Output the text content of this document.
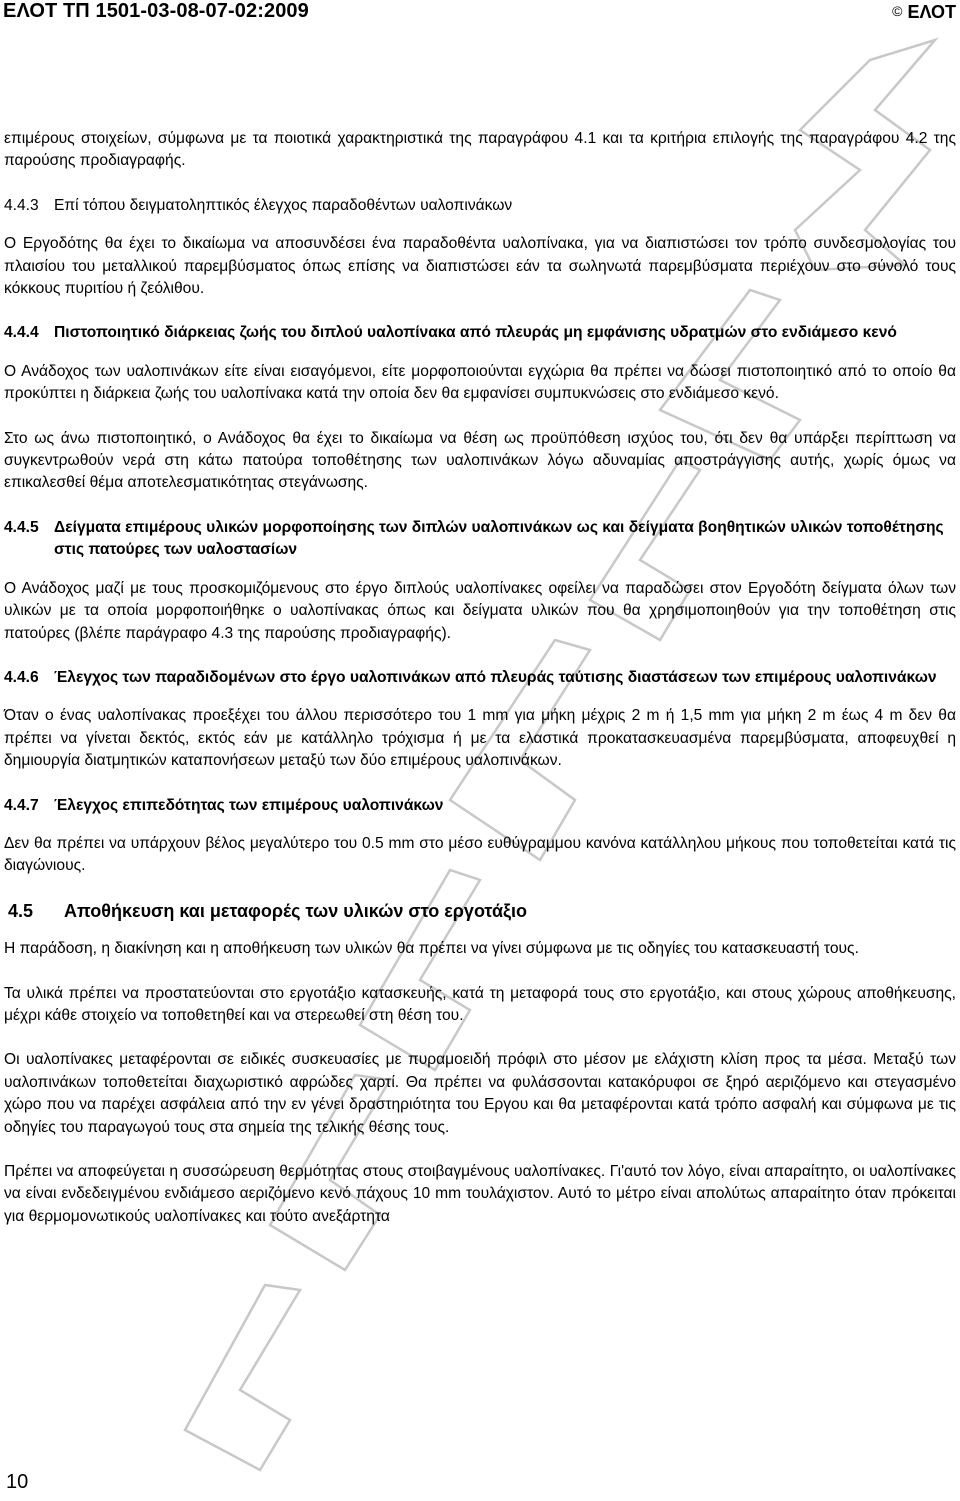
ΕΛΟΤ ΤΠ 1501-03-08-07-02:2009	© ΕΛΟΤ

επιμέρους στοιχείων, σύμφωνα με τα ποιοτικά χαρακτηριστικά της παραγράφου 4.1 και τα κριτήρια επιλογής της παραγράφου 4.2 της παρούσης προδιαγραφής.

4.4.3 Επί τόπου δειγματοληπτικός έλεγχος παραδοθέντων υαλοπινάκων

Ο Εργοδότης θα έχει το δικαίωμα να αποσυνδέσει ένα παραδοθέντα υαλοπίνακα, για να διαπιστώσει τον τρόπο συνδεσμολογίας του πλαισίου του μεταλλικού παρεμβύσματος όπως επίσης να διαπιστώσει εάν τα σωληνωτά παρεμβύσματα περιέχουν στο σύνολό τους κόκκους πυριτίου ή ζεόλιθου.

4.4.4 Πιστοποιητικό διάρκειας ζωής του διπλού υαλοπίνακα από πλευράς μη εμφάνισης υδρατμών στο ενδιάμεσο κενό

Ο Ανάδοχος των υαλοπινάκων είτε είναι εισαγόμενοι, είτε μορφοποιούνται εγχώρια θα πρέπει να δώσει πιστοποιητικό από το οποίο θα προκύπτει η διάρκεια ζωής του υαλοπίνακα κατά την οποία δεν θα εμφανίσει συμπυκνώσεις στο ενδιάμεσο κενό.

Στο ως άνω πιστοποιητικό, ο Ανάδοχος θα έχει το δικαίωμα να θέση ως προϋπόθεση ισχύος του, ότι δεν θα υπάρξει περίπτωση να συγκεντρωθούν νερά στη κάτω πατούρα τοποθέτησης των υαλοπινάκων λόγω αδυναμίας αποστράγγισης αυτής, χωρίς όμως να επικαλεσθεί θέμα αποτελεσματικότητας στεγάνωσης.

4.4.5 Δείγματα επιμέρους υλικών μορφοποίησης των διπλών υαλοπινάκων ως και δείγματα βοηθητικών υλικών τοποθέτησης στις πατούρες των υαλοστασίων

Ο Ανάδοχος μαζί με τους προσκομιζόμενους στο έργο διπλούς υαλοπίνακες οφείλει να παραδώσει στον Εργοδότη δείγματα όλων των υλικών με τα οποία μορφοποιήθηκε ο υαλοπίνακας όπως και δείγματα υλικών που θα χρησιμοποιηθούν για την τοποθέτηση στις πατούρες (βλέπε παράγραφο 4.3 της παρούσης προδιαγραφής).

4.4.6 Έλεγχος των παραδιδομένων στο έργο υαλοπινάκων από πλευράς ταύτισης διαστάσεων των επιμέρους υαλοπινάκων

Όταν ο ένας υαλοπίνακας προεξέχει του άλλου περισσότερο του 1 mm για μήκη μέχρις 2 m ή 1,5 mm για μήκη 2 m έως 4 m δεν θα πρέπει να γίνεται δεκτός, εκτός εάν με κατάλληλο τρόχισμα ή με τα ελαστικά προκατασκευασμένα παρεμβύσματα, αποφευχθεί η δημιουργία διατμητικών καταπονήσεων μεταξύ των δύο επιμέρους υαλοπινάκων.

4.4.7 Έλεγχος επιπεδότητας των επιμέρους υαλοπινάκων

Δεν θα πρέπει να υπάρχουν βέλος μεγαλύτερο του 0.5 mm στο μέσο ευθύγραμμου κανόνα κατάλληλου μήκους που τοποθετείται κατά τις διαγώνιους.

4.5	Αποθήκευση και μεταφορές των υλικών στο εργοτάξιο

Η παράδοση, η διακίνηση και η αποθήκευση των υλικών θα πρέπει να γίνει σύμφωνα με τις οδηγίες του κατασκευαστή τους.

Τα υλικά πρέπει να προστατεύονται στο εργοτάξιο κατασκευής, κατά τη μεταφορά τους στο εργοτάξιο, και στους χώρους αποθήκευσης, μέχρι κάθε στοιχείο να τοποθετηθεί και να στερεωθεί στη θέση του.

Οι υαλοπίνακες μεταφέρονται σε ειδικές συσκευασίες με πυραμοειδή πρόφιλ στο μέσον με ελάχιστη κλίση προς τα μέσα. Μεταξύ των υαλοπινάκων τοποθετείται διαχωριστικό αφρώδες χαρτί. Θα πρέπει να φυλάσσονται κατακόρυφοι σε ξηρό αεριζόμενο και στεγασμένο χώρο που να παρέχει ασφάλεια από την εν γένει δραστηριότητα του Εργου και θα μεταφέρονται κατά τρόπο ασφαλή και σύμφωνα με τις οδηγίες του παραγωγού τους στα σημεία της τελικής θέσης τους.

Πρέπει να αποφεύγεται η συσσώρευση θερμότητας στους στοιβαγμένους υαλοπίνακες. Γι'αυτό τον λόγο, είναι απαραίτητο, οι υαλοπίνακες να είναι ενδεδειγμένου ενδιάμεσο αεριζόμενο κενό πάχους 10 mm τουλάχιστον. Αυτό το μέτρο είναι απολύτως απαραίτητο όταν πρόκειται για θερμομονωτικούς υαλοπίνακες και τούτο ανεξάρτητα

10
